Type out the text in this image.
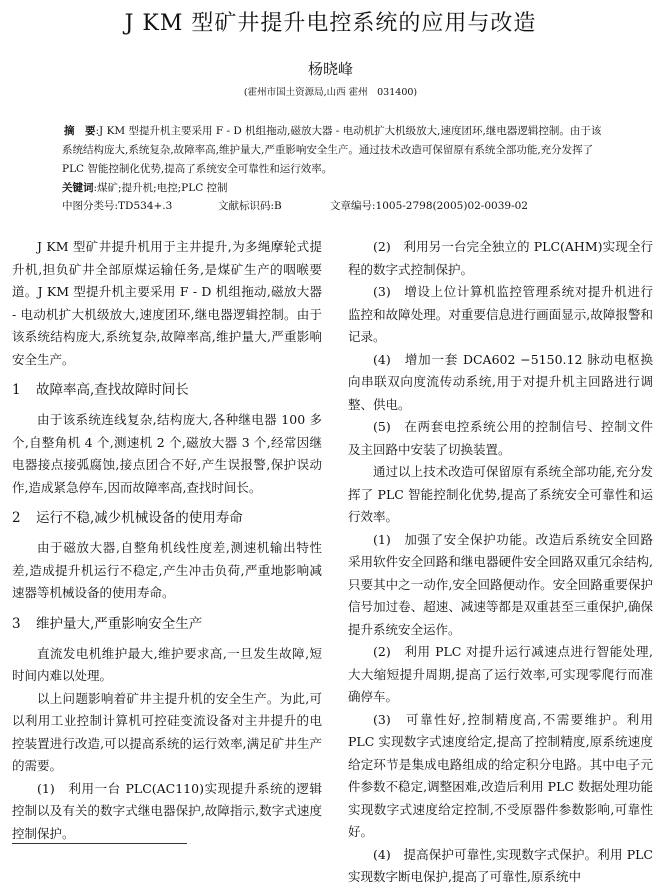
J KM 型矿井提升电控系统的应用与改造
杨晓峰
(霍州市国土资源局,山西 霍州　031400)

摘　要:J KM 型提升机主要采用 F - D 机组拖动,磁放大器 - 电动机扩大机级放大,速度团环,继电器逻辑控制。由于该系统结构庞大,系统复杂,故障率高,维护量大,严重影响安全生产。通过技术改造可保留原有系统全部功能,充分发挥了 PLC 智能控制化优势,提高了系统安全可靠性和运行效率。

关键词:煤矿;提升机;电控;PLC 控制

中图分类号:TD534+.3	文献标识码:B	文章编号:1005-2798(2005)02-0039-02

J KM 型矿井提升机用于主井提升,为多绳摩轮式提升机,担负矿井全部原煤运输任务,是煤矿生产的咽喉要道。J KM 型提升机主要采用 F - D 机组拖动,磁放大器 - 电动机扩大机级放大,速度团环,继电器逻辑控制。由于该系统结构庞大,系统复杂,故障率高,维护量大,严重影响安全生产。

1 故障率高,查找故障时间长

由于该系统连线复杂,结构庞大,各种继电器 100 多个,自整角机 4 个,测速机 2 个,磁放大器 3 个,经常因继电器接点接弧腐蚀,接点团合不好,产生误报警,保护误动作,造成紧急停车,因而故障率高,查找时间长。

2 运行不稳,减少机械设备的使用寿命

由于磁放大器,自整角机线性度差,测速机输出特性差,造成提升机运行不稳定,产生冲击负荷,严重地影响减速器等机械设备的使用寿命。

3 维护量大,严重影响安全生产

直流发电机维护最大,维护要求高,一旦发生故障,短时间内难以处理。

以上问题影响着矿井主提升机的安全生产。为此,可以利用工业控制计算机可控硅变流设备对主井提升的电控装置进行改造,可以提高系统的运行效率,满足矿井生产的需要。

(1)　利用一台 PLC(AC110)实现提升系统的逻辑控制以及有关的数字式继电器保护,故障指示,数字式速度控制保护。

(2)　利用另一台完全独立的 PLC(AHM)实现全行程的数字式控制保护。

(3)　增设上位计算机监控管理系统对提升机进行监控和故障处理。对重要信息进行画面显示,故障报警和记录。

(4)　增加一套 DCA602 −5150.12 脉动电枢换向串联双向度流传动系统,用于对提升机主回路进行调整、供电。

(5)　在两套电控系统公用的控制信号、控制文件及主回路中安装了切换装置。

通过以上技术改造可保留原有系统全部功能,充分发挥了 PLC 智能控制化优势,提高了系统安全可靠性和运行效率。

(1)　加强了安全保护功能。改造后系统安全回路采用软件安全回路和继电器硬件安全回路双重冗余结构,只要其中之一动作,安全回路便动作。安全回路重要保护信号加过卷、超速、减速等都是双重甚至三重保护,确保提升系统安全运作。

(2)　利用 PLC 对提升运行减速点进行智能处理,大大缩短提升周期,提高了运行效率,可实现零爬行而准确停车。

(3)　可靠性好,控制精度高,不需要维护。利用 PLC 实现数字式速度给定,提高了控制精度,原系统速度给定环节是集成电路组成的给定积分电路。其中电子元件参数不稳定,调整困难,改造后利用 PLC 数据处理功能实现数字式速度给定控制,不受原器件参数影响,可靠性好。

(4)　提高保护可靠性,实现数字式保护。利用 PLC 实现数字断电保护,提高了可靠性,原系统中
